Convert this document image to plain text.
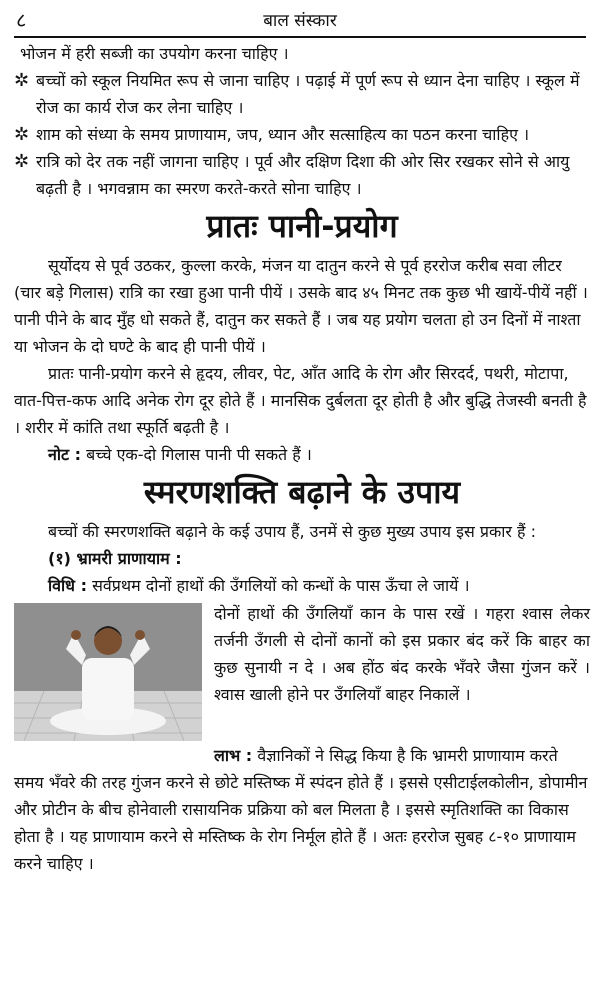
८	बाल संस्कार

भोजन में हरी सब्जी का उपयोग करना चाहिए ।

✲ बच्चों को स्कूल नियमित रूप से जाना चाहिए । पढ़ाई में पूर्ण रूप से ध्यान देना चाहिए । स्कूल में रोज का कार्य रोज कर लेना चाहिए ।

✲ शाम को संध्या के समय प्राणायाम, जप, ध्यान और सत्साहित्य का पठन करना चाहिए ।

✲ रात्रि को देर तक नहीं जागना चाहिए । पूर्व और दक्षिण दिशा की ओर सिर रखकर सोने से आयु बढ़ती है । भगवन्नाम का स्मरण करते-करते सोना चाहिए ।

प्रातः पानी-प्रयोग

सूर्योदय से पूर्व उठकर, कुल्ला करके, मंजन या दातुन करने से पूर्व हररोज करीब सवा लीटर (चार बड़े गिलास) रात्रि का रखा हुआ पानी पीयें । उसके बाद ४५ मिनट तक कुछ भी खायें-पीयें नहीं । पानी पीने के बाद मुँह धो सकते हैं, दातुन कर सकते हैं । जब यह प्रयोग चलता हो उन दिनों में नाश्ता या भोजन के दो घण्टे के बाद ही पानी पीयें ।

प्रातः पानी-प्रयोग करने से हृदय, लीवर, पेट, आँत आदि के रोग और सिरदर्द, पथरी, मोटापा, वात-पित्त-कफ आदि अनेक रोग दूर होते हैं । मानसिक दुर्बलता दूर होती है और बुद्धि तेजस्वी बनती है । शरीर में कांति तथा स्फूर्ति बढ़ती है ।

नोट : बच्चे एक-दो गिलास पानी पी सकते हैं ।

स्मरणशक्ति बढ़ाने के उपाय

बच्चों की स्मरणशक्ति बढ़ाने के कई उपाय हैं, उनमें से कुछ मुख्य उपाय इस प्रकार हैं :

(१) भ्रामरी प्राणायाम :

विधि : सर्वप्रथम दोनों हाथों की उँगलियों को कन्धों के पास ऊँचा ले जायें ।

दोनों हाथों की उँगलियाँ कान के पास रखें । गहरा श्वास लेकर तर्जनी उँगली से दोनों कानों को इस प्रकार बंद करें कि बाहर का कुछ सुनायी न दे । अब होंठ बंद करके भँवरे जैसा गुंजन करें । श्वास खाली होने पर उँगलियाँ बाहर निकालें ।

लाभ : वैज्ञानिकों ने सिद्ध किया है कि भ्रामरी प्राणायाम करते समय भँवरे की तरह गुंजन करने से छोटे मस्तिष्क में स्पंदन होते हैं । इससे एसीटाईलकोलीन, डोपामीन और प्रोटीन के बीच होनेवाली रासायनिक प्रक्रिया को बल मिलता है । इससे स्मृतिशक्ति का विकास होता है । यह प्राणायाम करने से मस्तिष्क के रोग निर्मूल होते हैं । अतः हररोज सुबह ८-१० प्राणायाम करने चाहिए ।
